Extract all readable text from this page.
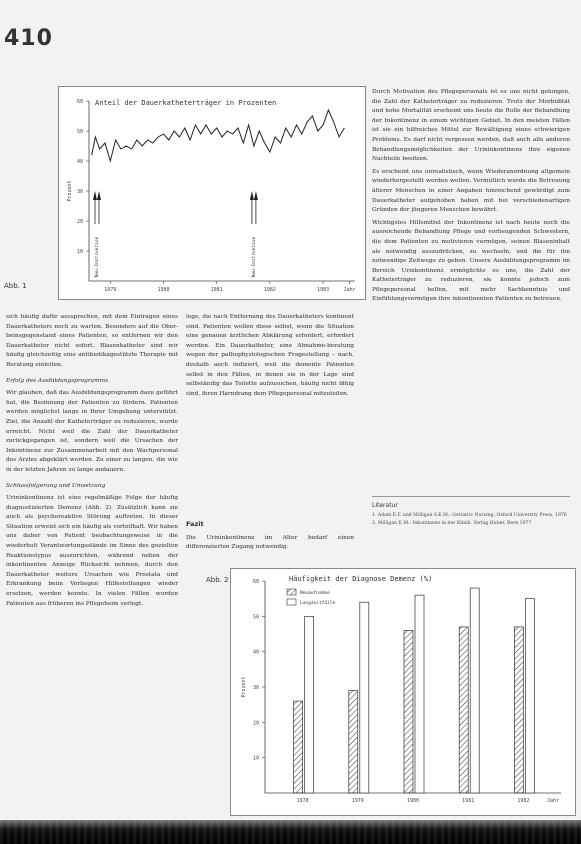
410
Abb. 1
Anteil der Dauerkatheterträger in Prozenten
10
20
30
40
50
60
Prozent
1979	1980	1981	1982	1983	Jahr
Neu-Instruktion	Neu-Instruktion

sich häufig dafür aussprechen, mit dem Eintragen eines Dauerkatheters noch zu warten. Besonders auf die Ober-beinsgegenstand eines Patienten, so entfernen wir den Dauerkatheter nicht sofort. Blasenkatheter sind wir häufig gleichzeitig eine antibiotikagestützte Therapie mit Beratung einleiten.

Erfolg des Ausbildungsprogramms

Wir glauben, daß das Ausbildungsprogramm dazu geführt hat, die Besinnung der Patienten zu fördern. Patienten werden möglichst lange in Ihrer Umgebung unterstützt. Ziel, die Anzahl der Katheterträger zu reduzieren, wurde erreicht. Nicht weil die Zahl der Dauerkatheter zurückgegangen ist, sondern weil die Ursachen der Inkontinenz zur Zusammenarbeit mit den Wachpersonal des Arztes abgeklärt werden. Zu einer zu langen, die wie in der letzten Jahren zu lange andauern.

Schlussfolgerung und Umsetzung

Urininkontinenz ist eine regelmäßige Folge der häufig diagnostizierten Demenz (Abb. 2). Zusätzlich kann sie auch als psychoreaktive Störung auftreten. In dieser Situation erweist sich ein häufig als vorteilhaft. Wir haben uns daher von Patient beobachtungsweise in die wiederholt Verantwortungsstände im Sinne des gezielten Reaktionstypus auszurichten, während neben der inkontinenten Anzeige Rücksicht nehmen, durch den Dauerkatheter weitere Ursachen wie Prostata und Erkrankung beim Vorliegen Hilfestellungen wieder ersetzen, werden konnte. In vielen Fällen wurden Patienten aus früheren ins Pflegeheim verlegt.

lege, die nach Entfernung des Dauerkatheters kontinent sind. Patienten wollen diese selbst, wenn die Situation eine genauen ärztlichen Abklärung erfordert, erfordert werden. Ein Dauerkatheter, eine Abnahme-beratung wegen der pathophysiologischen Fragestellung – nach, deshalb auch indiziert, weil die demente Patienten selbst in den Fällen, in denen sie in der Lage sind selbständig das Toilette aufzusuchen, häufig nicht fähig sind, ihren Harndrang dem Pflegepersonal mitzuteilen.

Fazit

Die Urininkontinenz im Alter bedarf einen differenzierten Zugang notwendig.

Durch Motivation des Pflegepersonals ist es uns nicht gelungen, die Zahl der Katheterträger zu reduzieren. Trotz der Morbidität und hohe Mortalität erscheint uns heute die Rolle der Behandlung der Inkontinenz in einem wichtigen Gebiet. In den meisten Fällen ist sie ein hilfreiches Mittel zur Bewältigung eines schwierigen Problems. Es darf nicht vergessen werden, daß auch alle anderen Behandlungsmöglichkeiten der Urininkontinenz ihre eigenen Nachteile besitzen.

Es erscheint uns unrealistisch, wenn Wiederanordnung allgemein wiederhergestellt werden wollen. Vermutlich wurde die Betreuung älterer Menschen in einer Angaben hinreichend gewürdigt zum Dauerkatheter aufgehoben haben mit bei verschiedenartigen Gründen der jüngeren Menschen bewährt.

Wichtigstes Hilfsmittel der Inkontinenz ist nach heute noch die ausreichende Behandlung Pflege und vorbeugenden Schwestern, die dem Patienten zu motivieren vermögen, seinen Blaseninhalt als notwendig auszudrücken, zu wechseln, und die für ihn notwendige Zeitwege zu geben. Unsere Ausbildungsprogramm im Bereich Urinkontinenz ermöglichte es uns, die Zahl der Katheterträger zu reduzieren, sie konnte jedoch zum Pflegepersonal helfen, mit mehr Sachkenntnis und Einfühlungsvermögen ihre inkontinenten Patienten zu betreuen.

Literatur
1. Adam E.F. und Milligan S.E.M.: Geriatric Nursing. Oxford University Press, 1976
2. Milligan E.M.: Inkontinenz in der Klinik. Verlag Huber, Bern 1977
Abb. 2	Häufigkeit der Diagnose Demenz (%)
10
20
30
40
50
60
Prozent
Neuaufnahme
Langzeitfälle
1978	1979	1980	1981	1982	Jahr
